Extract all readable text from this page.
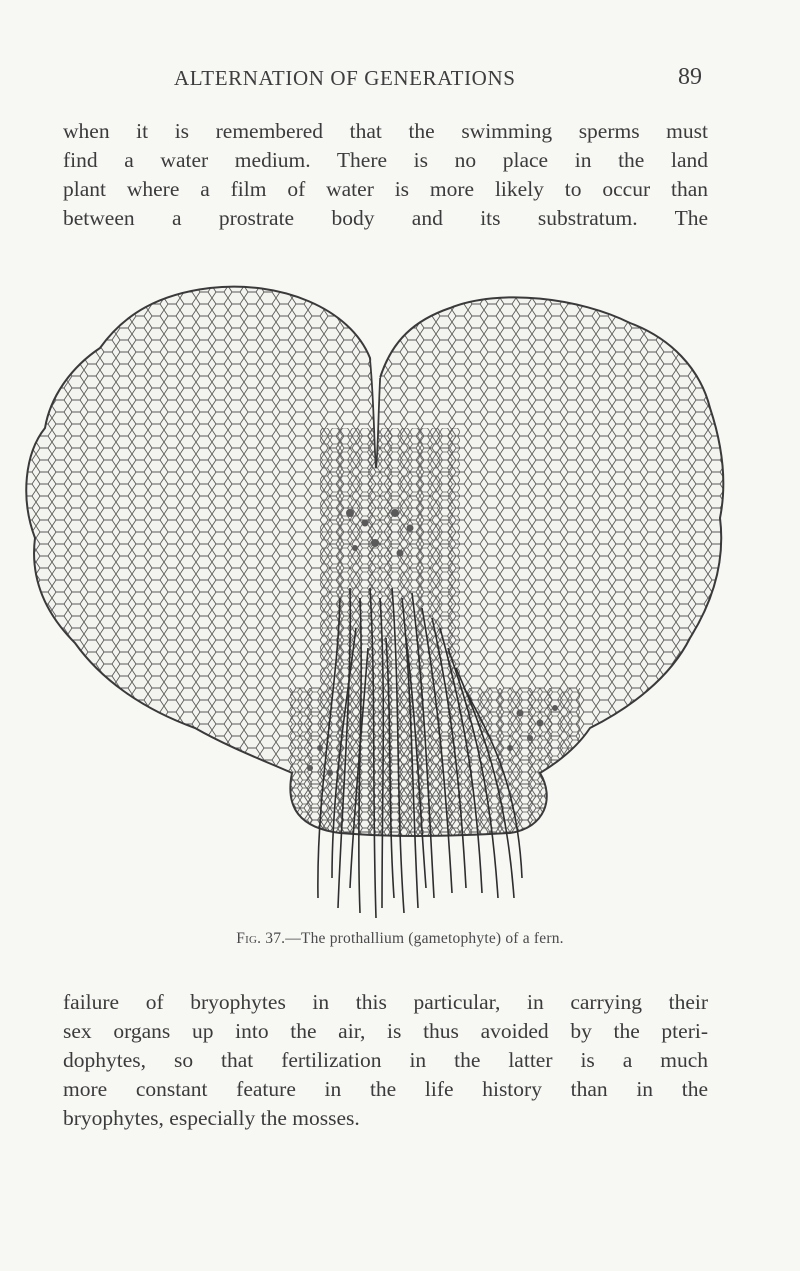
ALTERNATION OF GENERATIONS	89

when it is remembered that the swimming sperms must
find a water medium. There is no place in the land
plant where a film of water is more likely to occur than
between a prostrate body and its substratum. The

Fig. 37.—The prothallium (gametophyte) of a fern.

failure of bryophytes in this particular, in carrying their
sex organs up into the air, is thus avoided by the pteri-
dophytes, so that fertilization in the latter is a much
more constant feature in the life history than in the
bryophytes, especially the mosses.
